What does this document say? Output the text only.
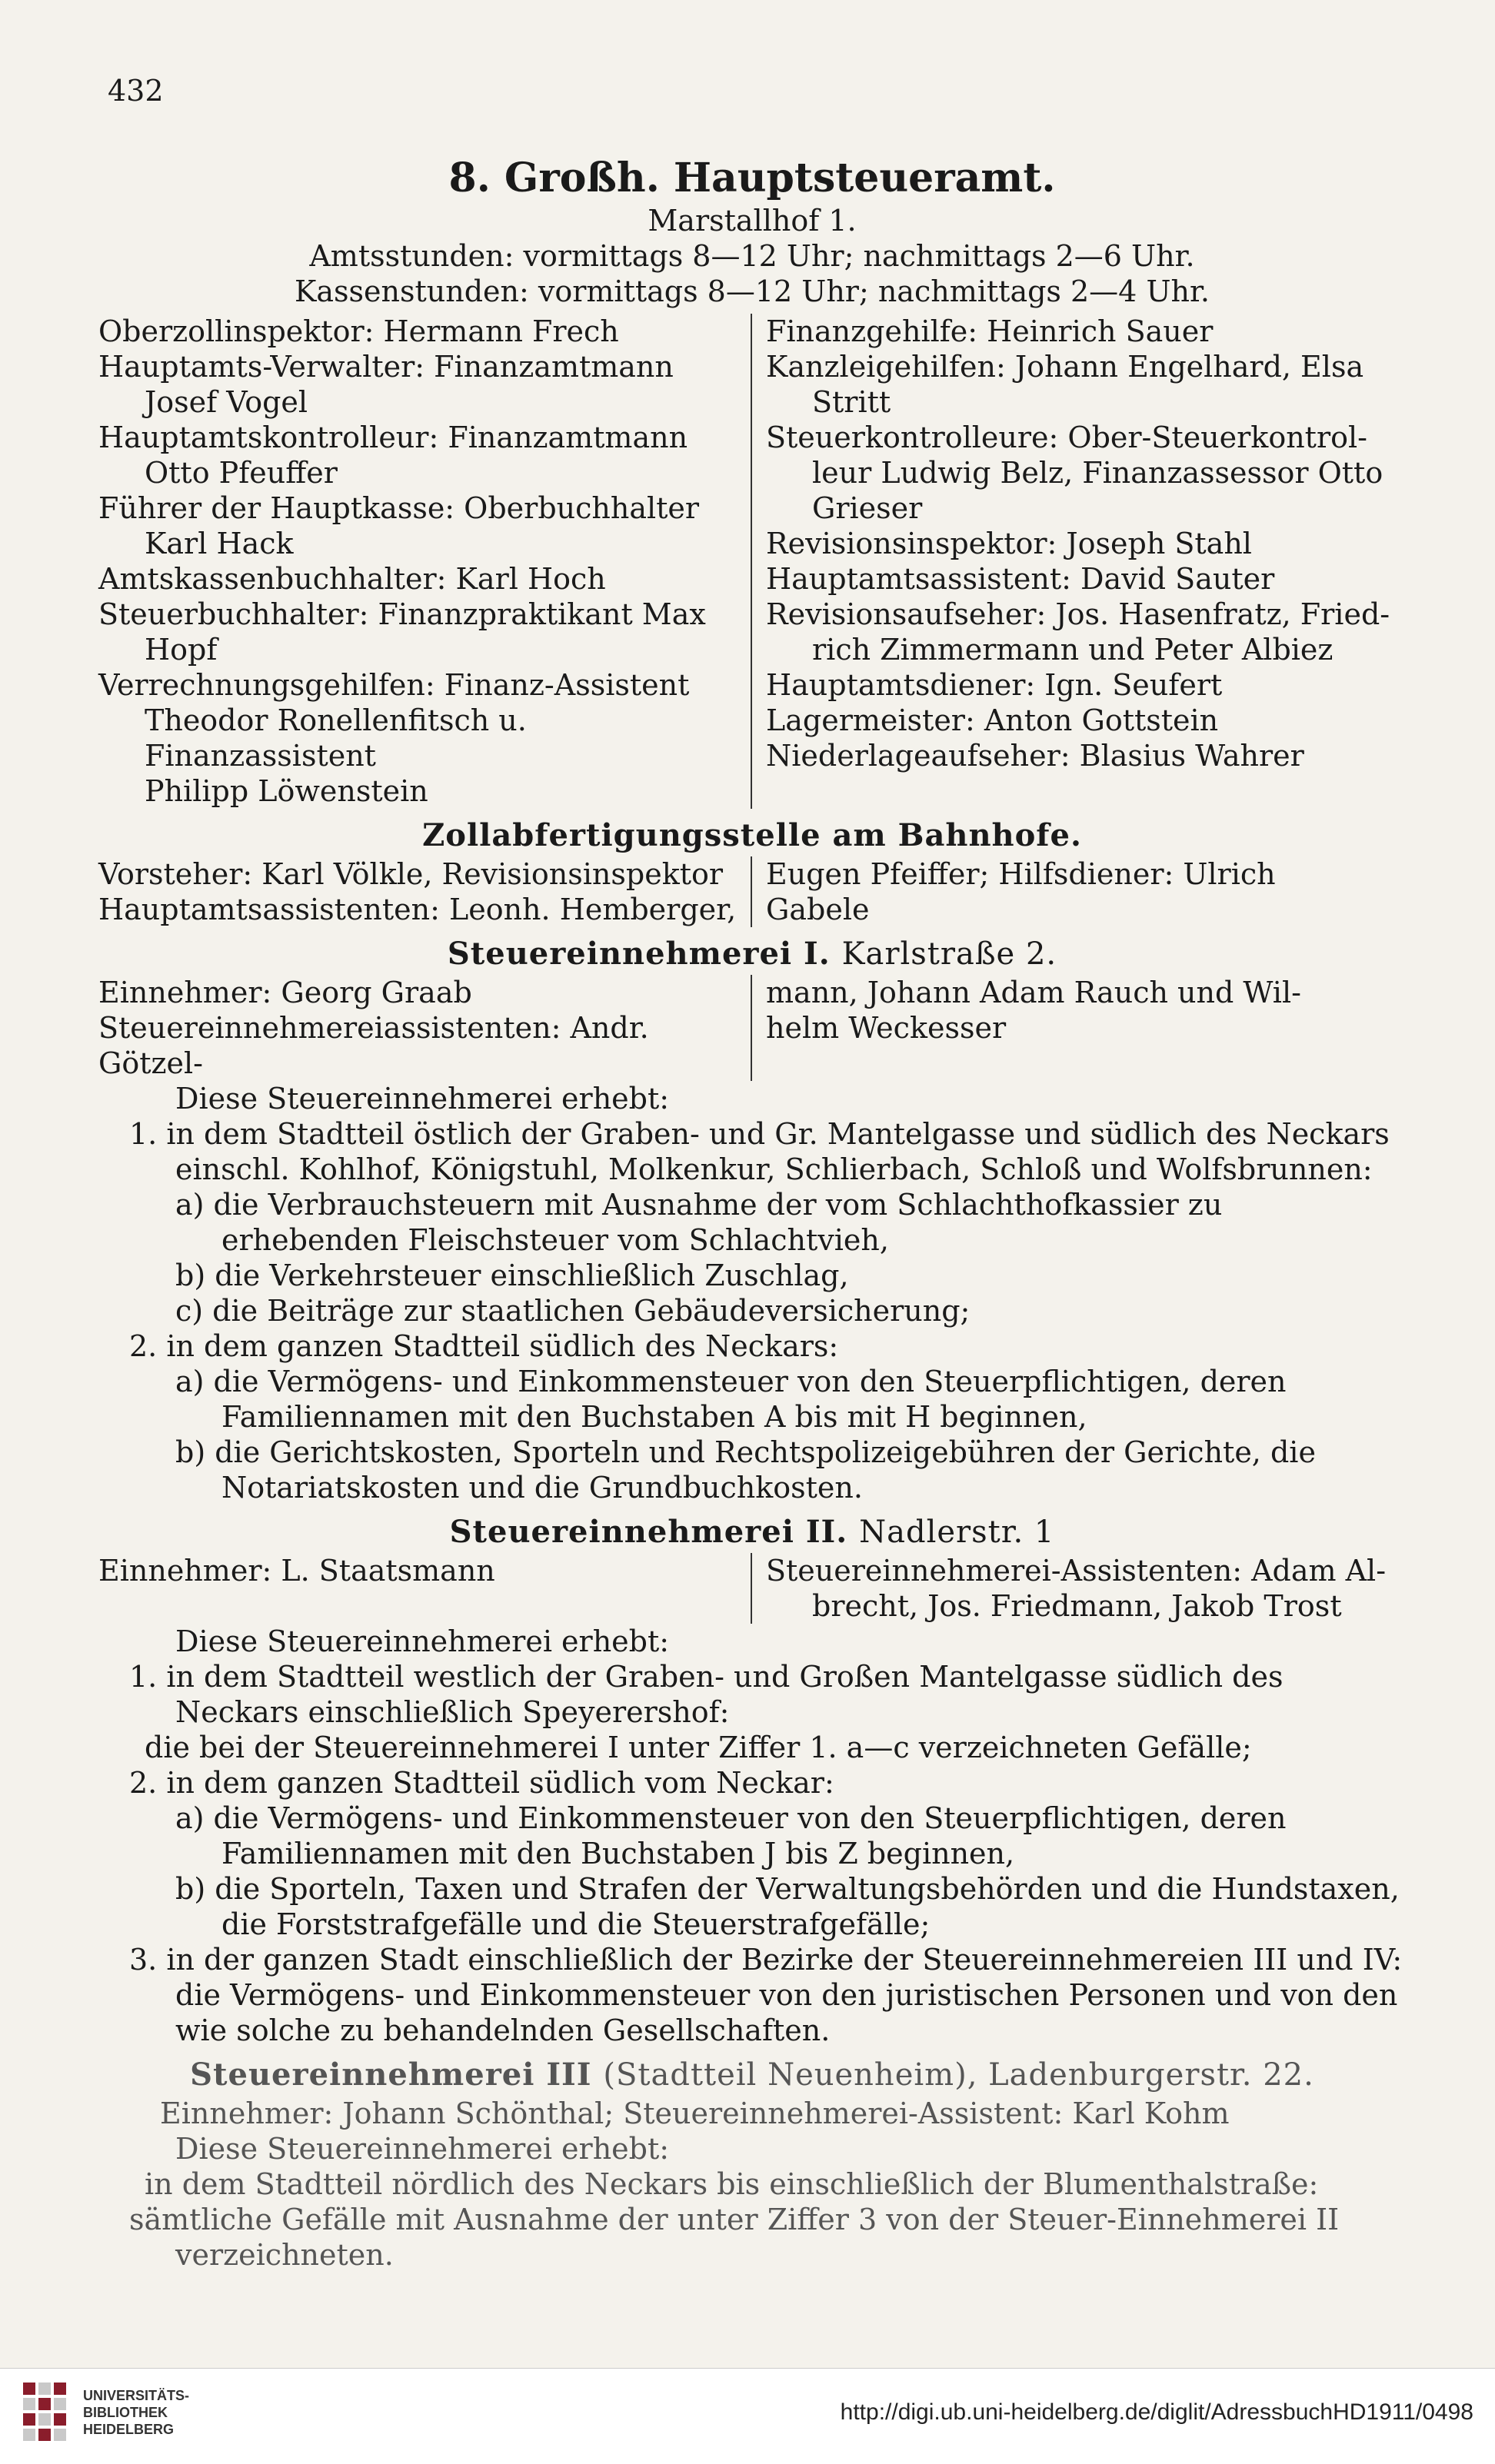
432
8. Großh. Hauptsteueramt.
Marstallhof 1.
Amtsstunden: vormittags 8—12 Uhr; nachmittags 2—6 Uhr.
Kassenstunden: vormittags 8—12 Uhr; nachmittags 2—4 Uhr.
Oberzollinspektor: Hermann Frech
Hauptamts-Verwalter: Finanzamtmann
Josef Vogel
Hauptamtskontrolleur: Finanzamtmann
Otto Pfeuffer
Führer der Hauptkasse: Oberbuchhalter
Karl Hack
Amtskassenbuchhalter: Karl Hoch
Steuerbuchhalter: Finanzpraktikant Max
Hopf
Verrechnungsgehilfen: Finanz-Assistent
Theodor Ronellenfitsch u. Finanzassistent
Philipp Löwenstein
Finanzgehilfe: Heinrich Sauer
Kanzleigehilfen: Johann Engelhard, Elsa
Stritt
Steuerkontrolleure: Ober-Steuerkontrol-
leur Ludwig Belz, Finanzassessor Otto
Grieser
Revisionsinspektor: Joseph Stahl
Hauptamtsassistent: David Sauter
Revisionsaufseher: Jos. Hasenfratz, Fried-
rich Zimmermann und Peter Albiez
Hauptamtsdiener: Ign. Seufert
Lagermeister: Anton Gottstein
Niederlageaufseher: Blasius Wahrer
Zollabfertigungsstelle am Bahnhofe.
Vorsteher: Karl Völkle, Revisionsinspektor
Hauptamtsassistenten: Leonh. Hemberger,
Eugen Pfeiffer; Hilfsdiener: Ulrich
Gabele
Steuereinnehmerei I. Karlstraße 2.
Einnehmer: Georg Graab
Steuereinnehmereiassistenten: Andr. Götzel-
mann, Johann Adam Rauch und Wil-
helm Weckesser
Diese Steuereinnehmerei erhebt:
1. in dem Stadtteil östlich der Graben- und Gr. Mantelgasse und südlich des Neckars einschl. Kohlhof, Königstuhl, Molkenkur, Schlierbach, Schloß und Wolfsbrunnen:
a) die Verbrauchsteuern mit Ausnahme der vom Schlachthofkassier zu erhebenden Fleischsteuer vom Schlachtvieh,
b) die Verkehrsteuer einschließlich Zuschlag,
c) die Beiträge zur staatlichen Gebäudeversicherung;
2. in dem ganzen Stadtteil südlich des Neckars:
a) die Vermögens- und Einkommensteuer von den Steuerpflichtigen, deren Familiennamen mit den Buchstaben A bis mit H beginnen,
b) die Gerichtskosten, Sporteln und Rechtspolizeigebühren der Gerichte, die Notariatskosten und die Grundbuchkosten.
Steuereinnehmerei II. Nadlerstr. 1
Einnehmer: L. Staatsmann	Steuereinnehmerei-Assistenten: Adam Al-
brecht, Jos. Friedmann, Jakob Trost
Diese Steuereinnehmerei erhebt:
1. in dem Stadtteil westlich der Graben- und Großen Mantelgasse südlich des Neckars einschließlich Speyerershof:
die bei der Steuereinnehmerei I unter Ziffer 1. a—c verzeichneten Gefälle;
2. in dem ganzen Stadtteil südlich vom Neckar:
a) die Vermögens- und Einkommensteuer von den Steuerpflichtigen, deren Familiennamen mit den Buchstaben J bis Z beginnen,
b) die Sporteln, Taxen und Strafen der Verwaltungsbehörden und die Hundstaxen, die Forststrafgefälle und die Steuerstrafgefälle;
3. in der ganzen Stadt einschließlich der Bezirke der Steuereinnehmereien III und IV: die Vermögens- und Einkommensteuer von den juristischen Personen und von den wie solche zu behandelnden Gesellschaften.
Steuereinnehmerei III (Stadtteil Neuenheim), Ladenburgerstr. 22.
Einnehmer: Johann Schönthal; Steuereinnehmerei-Assistent: Karl Kohm
Diese Steuereinnehmerei erhebt:
in dem Stadtteil nördlich des Neckars bis einschließlich der Blumenthalstraße:
sämtliche Gefälle mit Ausnahme der unter Ziffer 3 von der Steuer-Einnehmerei II verzeichneten.
UNIVERSITÄTS-
BIBLIOTHEK
HEIDELBERG
http://digi.ub.uni-heidelberg.de/diglit/AdressbuchHD1911/0498
